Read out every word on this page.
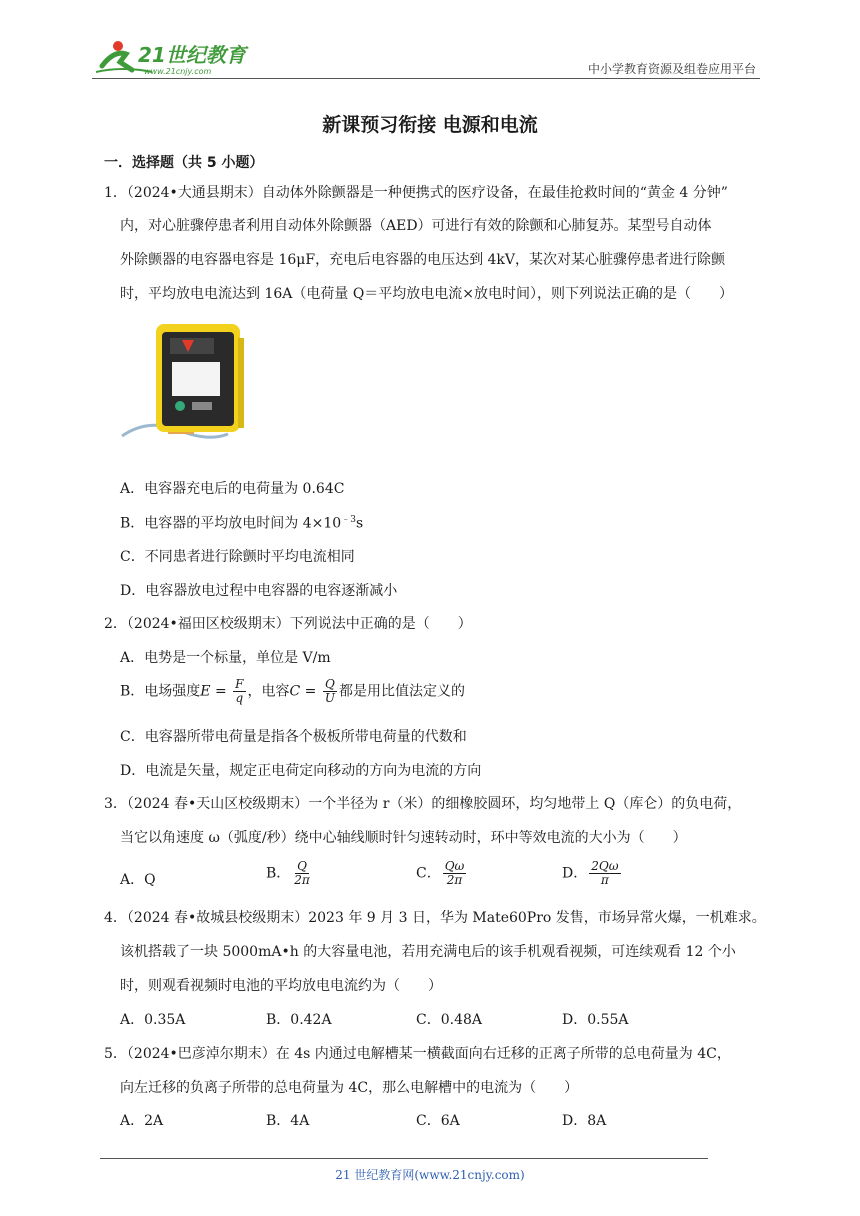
21世纪教育
www.21cnjy.com	中小学教育资源及组卷应用平台
新课预习衔接 电源和电流
一．选择题（共 5 小题）
1．（2024•大通县期末）自动体外除颤器是一种便携式的医疗设备，在最佳抢救时间的“黄金 4 分钟”
内，对心脏骤停患者利用自动体外除颤器（AED）可进行有效的除颤和心肺复苏。某型号自动体
外除颤器的电容器电容是 16μF，充电后电容器的电压达到 4kV，某次对某心脏骤停患者进行除颤
时，平均放电电流达到 16A（电荷量 Q＝平均放电电流×放电时间），则下列说法正确的是（　　）
A．电容器充电后的电荷量为 0.64C
B．电容器的平均放电时间为 $4\times 10^{﹣3}s$
C．不同患者进行除颤时平均电流相同
D．电容器放电过程中电容器的电容逐渐减小
2．（2024•福田区校级期末）下列说法中正确的是（　　）
A．电势是一个标量，单位是 V/m
B．电场强度$E = \frac{F}{q}$ ，电容$C = \frac{Q}{U}$ 都是用比值法定义的
C．电容器所带电荷量是指各个极板所带电荷量的代数和
D．电流是矢量，规定正电荷定向移动的方向为电流的方向
3．（2024 春•天山区校级期末）一个半径为 r（米）的细橡胶圆环，均匀地带上 Q（库仑）的负电荷，
当它以角速度 ω（弧度/秒）绕中心轴线顺时针匀速转动时，环中等效电流的大小为（　　）
A．Q	B． $\frac{Q}{2\pi}$	C． $\frac{Q\omega}{2\pi}$	D． $\frac{2Q\omega}{\pi}$
4．（2024 春•故城县校级期末）2023 年 9 月 3 日，华为 Mate60Pro 发售，市场异常火爆，一机难求。
该机搭载了一块 5000mA•h 的大容量电池，若用充满电后的该手机观看视频，可连续观看 12 个小
时，则观看视频时电池的平均放电电流约为（　　）
A．0.35A	B．0.42A	C．0.48A	D．0.55A
5．（2024•巴彦淖尔期末）在 4s 内通过电解槽某一横截面向右迁移的正离子所带的总电荷量为 4C，
向左迁移的负离子所带的总电荷量为 4C，那么电解槽中的电流为（　　）
A．2A	B．4A	C．6A	D．8A
21 世纪教育网(www.21cnjy.com)
